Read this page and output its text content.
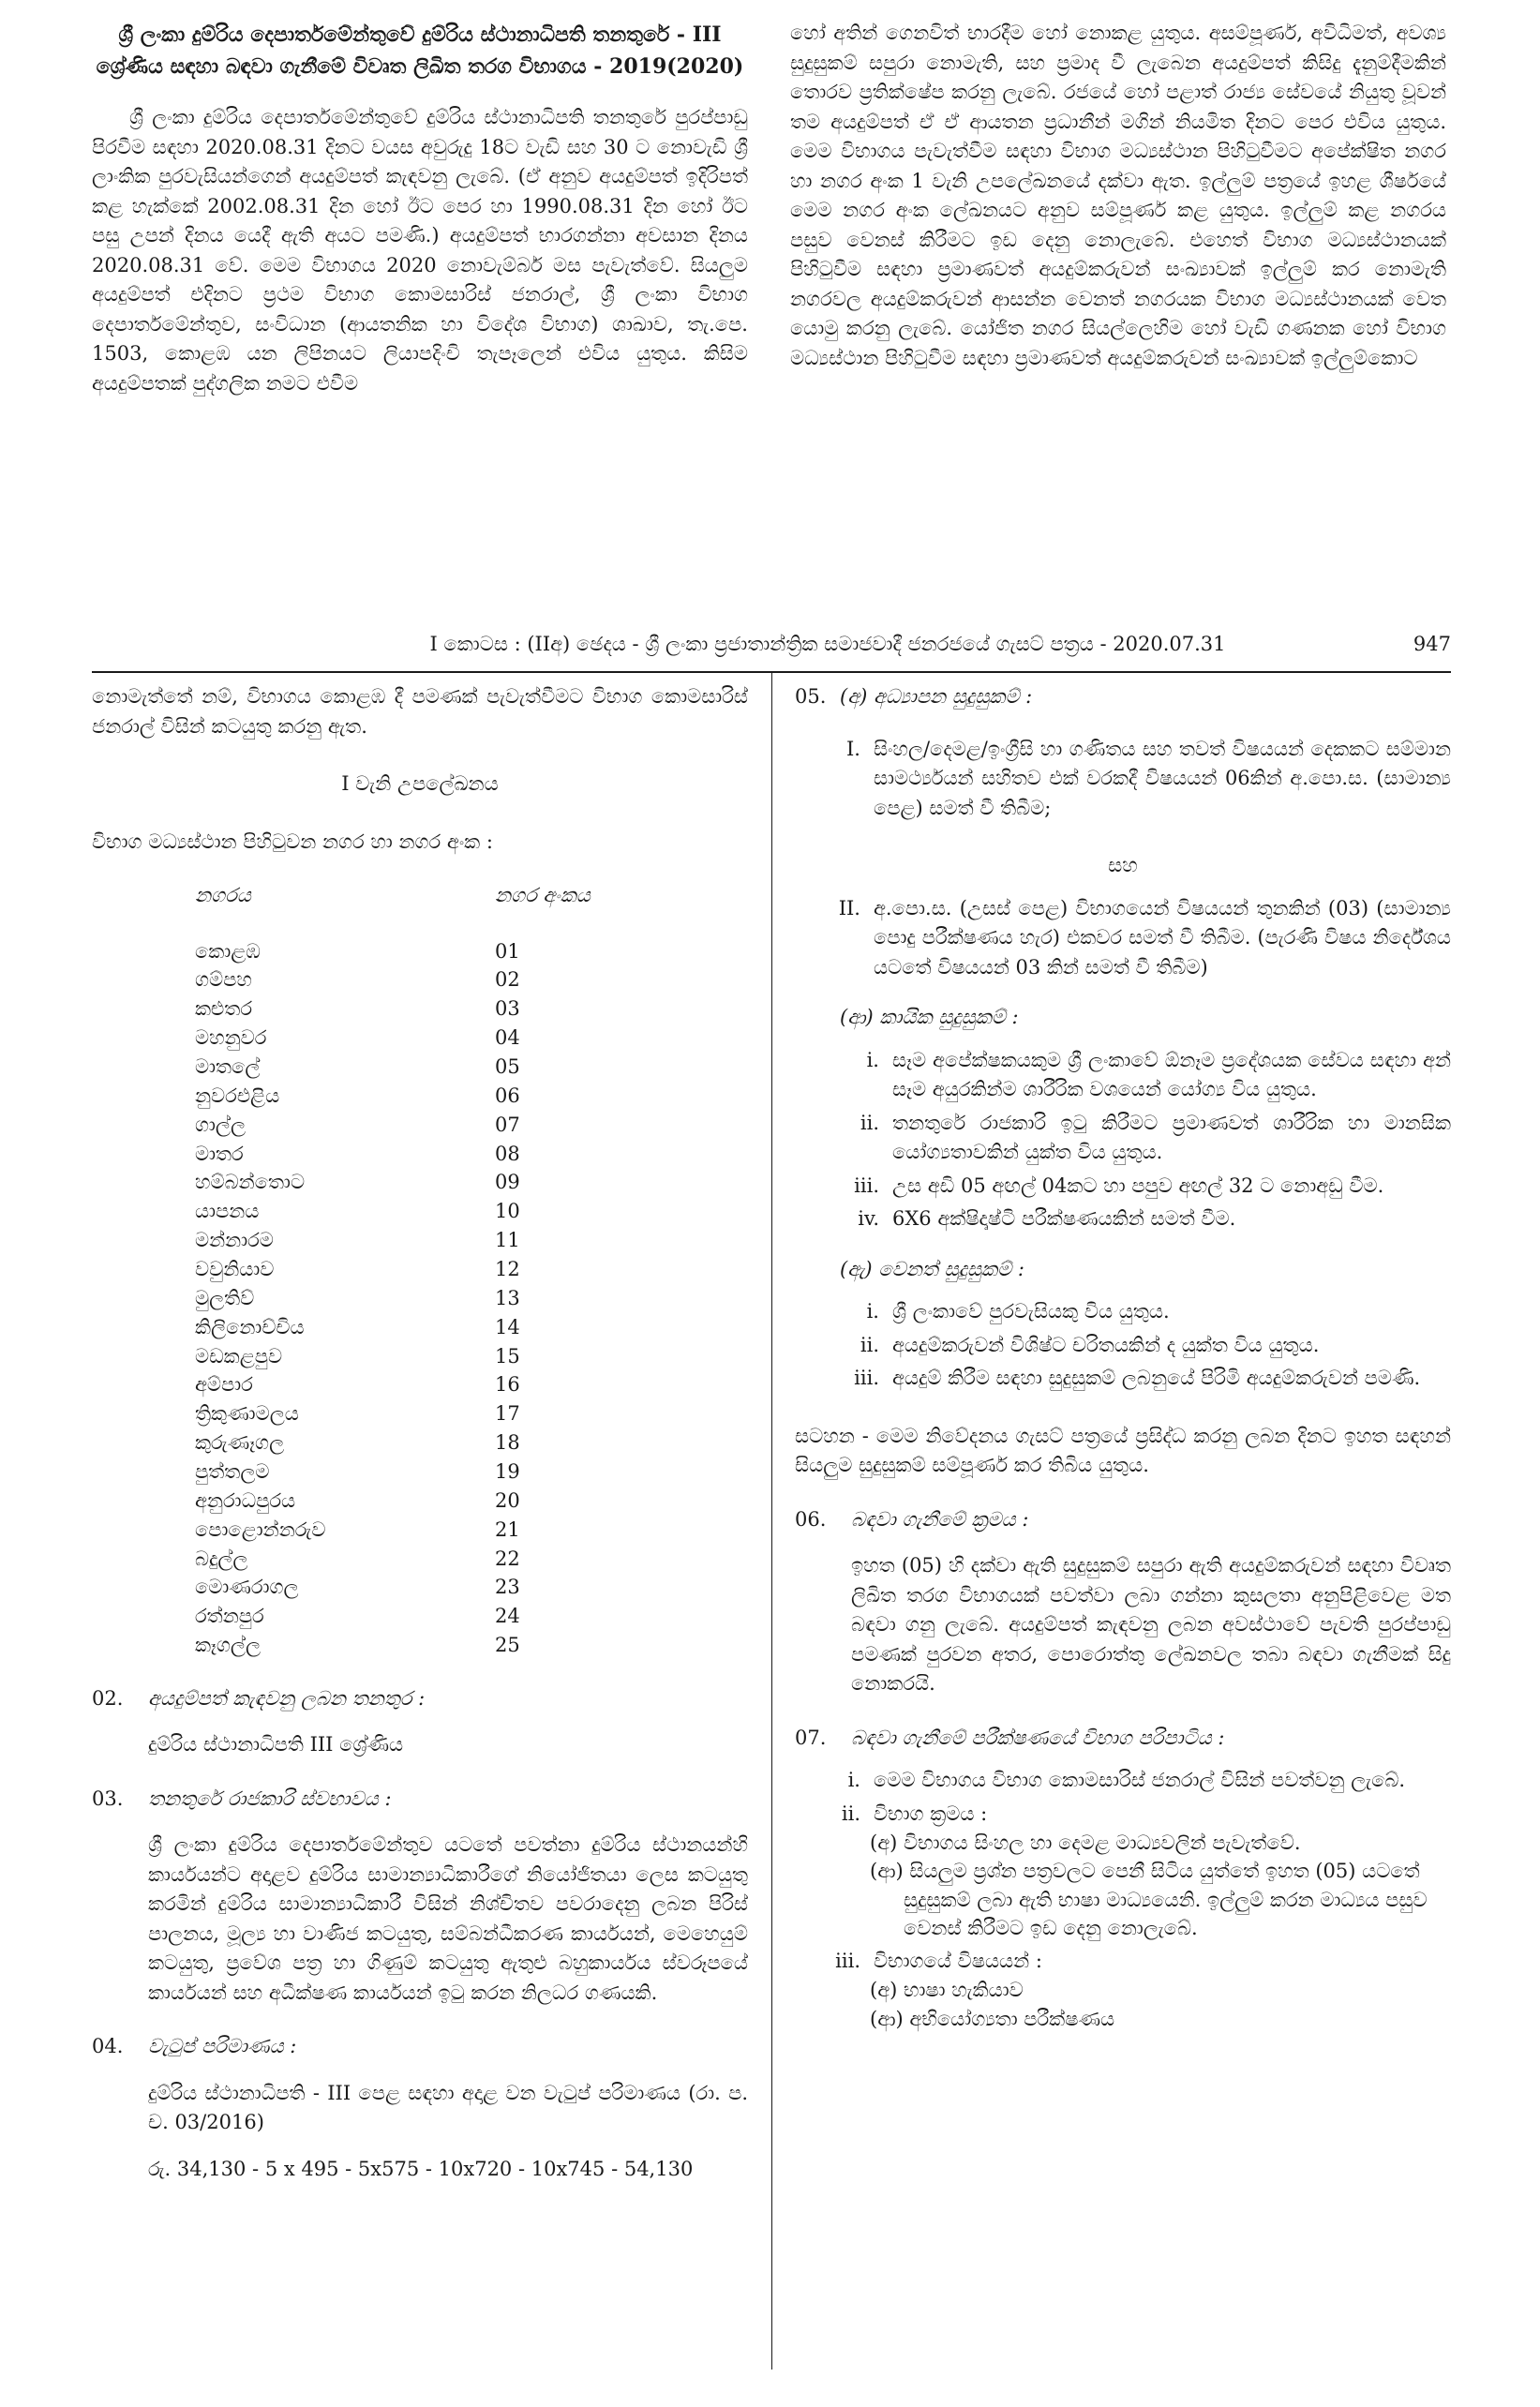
ශ්‍රී ලංකා දුම්රිය දෙපාර්තමේන්තුවේ දුම්රිය ස්ථානාධිපති තනතුරේ - III ශ්‍රේණිය සඳහා බඳවා ගැනීමේ විවෘත ලිඛිත තරග විභාගය - 2019(2020)

ශ්‍රී ලංකා දුම්රිය දෙපාර්තමේන්තුවේ දුම්රිය ස්ථානාධිපති තනතුරේ පුරප්පාඩු පිරවීම සඳහා 2020.08.31 දිනට වයස අවුරුදු 18ට වැඩි සහ 30 ට නොවැඩි ශ්‍රී ලාංකික පුරවැසියන්ගෙන් අයදුම්පත් කැඳවනු ලැබේ. (ඒ අනුව අයදුම්පත් ඉදිරිපත් කළ හැක්කේ 2002.08.31 දින හෝ ඊට පෙර හා 1990.08.31 දින හෝ ඊට පසු උපන් දිනය යෙදී ඇති අයට පමණි.) අයදුම්පත් භාරගන්නා අවසාන දිනය 2020.08.31 වේ. මෙම විභාගය 2020 නොවැම්බර් මස පැවැත්වේ. සියලුම අයදුම්පත් එදිනට ප්‍රථම විභාග කොමසාරිස් ජනරාල්, ශ්‍රී ලංකා විභාග දෙපාර්තමේන්තුව, සංවිධාන (ආයතනික හා විදේශ විභාග) ශාඛාව, තැ.පෙ. 1503, කොළඹ යන ලිපිනයට ලියාපදිංචි තැපෑලෙන් එවිය යුතුය. කිසිම අයදුම්පතක් පුද්ගලික නමට එවීම

හෝ අතින් ගෙනවිත් භාරදීම හෝ නොකළ යුතුය. අසම්පූර්ණ, අවිධිමත්, අවශ්‍ය සුදුසුකම් සපුරා නොමැති, සහ ප්‍රමාද වී ලැබෙන අයදුම්පත් කිසිදු දැනුම්දීමකින් තොරව ප්‍රතික්ෂේප කරනු ලැබේ. රජයේ හෝ පළාත් රාජ්‍ය සේවයේ නියුතු වූවන් තම අයදුම්පත් ඒ ඒ ආයතන ප්‍රධානීන් මගින් නියමිත දිනට පෙර එවිය යුතුය. මෙම විභාගය පැවැත්වීම සඳහා විභාග මධ්‍යස්ථාන පිහිටුවීමට අපේක්ෂිත නගර හා නගර අංක 1 වැනි උපලේඛනයේ දක්වා ඇත. ඉල්ලුම් පත්‍රයේ ඉහළ ශීර්ෂයේ මෙම නගර අංක ලේඛනයට අනුව සම්පූර්ණ කළ යුතුය. ඉල්ලුම් කළ නගරය පසුව වෙනස් කිරීමට ඉඩ දෙනු නොලැබේ. එහෙත් විභාග මධ්‍යස්ථානයක් පිහිටුවීම සඳහා ප්‍රමාණවත් අයදුම්කරුවන් සංඛ්‍යාවක් ඉල්ලුම් කර නොමැති නගරවල අයදුම්කරුවන් ආසන්න වෙනත් නගරයක විභාග මධ්‍යස්ථානයක් වෙත යොමු කරනු ලැබේ. යෝජිත නගර සියල්ලෙහිම හෝ වැඩි ගණනක හෝ විභාග මධ්‍යස්ථාන පිහිටුවීම සඳහා ප්‍රමාණවත් අයදුම්කරුවන් සංඛ්‍යාවක් ඉල්ලුම්කොට

I කොටස : (IIඅ) ඡෙදය - ශ්‍රී ලංකා ප්‍රජාතාන්ත්‍රික සමාජවාදී ජනරජයේ ගැසට් පත්‍රය - 2020.07.31	947

නොමැත්තේ නම්, විභාගය කොළඹ දී පමණක් පැවැත්වීමට විභාග කොමසාරිස් ජනරාල් විසින් කටයුතු කරනු ඇත.

I වැනි උපලේඛනය
විභාග මධ්‍යස්ථාන පිහිටුවන නගර හා නගර අංක :
නගරය	නගර අංකය
කොළඹ	01
ගම්පහ	02
කළුතර	03
මහනුවර	04
මාතලේ	05
නුවරඑළිය	06
ගාල්ල	07
මාතර	08
හම්බන්තොට	09
යාපනය	10
මන්නාරම	11
වවුනියාව	12
මුලතිව්	13
කිලිනොච්චිය	14
මඩකළපුව	15
අම්පාර	16
ත්‍රිකුණාමලය	17
කුරුණෑගල	18
පුත්තලම	19
අනුරාධපුරය	20
පොළොන්නරුව	21
බදුල්ල	22
මොණරාගල	23
රත්නපුර	24
කෑගල්ල	25
02.	අයදුම්පත් කැඳවනු ලබන තනතුර :
දුම්රිය ස්ථානාධිපති III ශ්‍රේණිය
03.	තනතුරේ රාජකාරි ස්වභාවය :

ශ්‍රී ලංකා දුම්රිය දෙපාර්තමේන්තුව යටතේ පවත්නා දුම්රිය ස්ථානයන්හි කාර්යයන්ට අදාළව දුම්රිය සාමාන්‍යාධිකාරීගේ නියෝජිතයා ලෙස කටයුතු කරමින් දුම්රිය සාමාන්‍යාධිකාරී විසින් නිශ්චිතව පවරාදෙනු ලබන පිරිස් පාලනය, මූල්‍ය හා වාණිජ කටයුතු, සම්බන්ධීකරණ කාර්යයන්, මෙහෙයුම් කටයුතු, ප්‍රවේශ පත්‍ර හා ගිණුම් කටයුතු ඇතුළු බහුකාර්යය ස්වරූපයේ කාර්යයන් සහ අධීක්ෂණ කාර්යයන් ඉටු කරන නිලධර ගණයකි.

04.	වැටුප් පරිමාණය :

දුම්රිය ස්ථානාධිපති - III පෙළ සඳහා අදාළ වන වැටුප් පරිමාණය (රා. ප. ච. 03/2016)

රු. 34,130 - 5 x 495 - 5x575 - 10x720 - 10x745 - 54,130
05. (අ) අධ්‍යාපන සුදුසුකම් :
I. සිංහල/දෙමළ/ඉංග්‍රීසි හා ගණිතය සහ තවත් විෂයයන් දෙකකට සම්මාන සාමර්ථ්‍යයන් සහිතව එක් වරකදී විෂයයන් 06කින් අ.පො.ස. (සාමාන්‍ය පෙළ) සමත් වී තිබීම;
සහ
II. අ.පො.ස. (උසස් පෙළ) විභාගයෙන් විෂයයන් තුනකින් (03) (සාමාන්‍ය පොදු පරීක්ෂණය හැර) එකවර සමත් වී තිබීම. (පැරණි විෂය නිර්දේශය යටතේ විෂයයන් 03 කින් සමත් වී තිබීම)
(ආ) කායික සුදුසුකම් :
i. සෑම අපේක්ෂකයකුම ශ්‍රී ලංකාවේ ඕනෑම ප්‍රදේශයක සේවය සඳහා අන් සෑම අයුරකින්ම ශාරීරික වශයෙන් යෝග්‍ය විය යුතුය.
ii. තනතුරේ රාජකාරි ඉටු කිරීමට ප්‍රමාණවත් ශාරීරික හා මානසික යෝග්‍යතාවකින් යුක්ත විය යුතුය.
iii. උස අඩි 05 අඟල් 04කට හා පපුව අඟල් 32 ට නොඅඩු වීම.
iv. 6X6 අක්ෂිදෘෂ්ටි පරීක්ෂණයකින් සමත් වීම.
(ඇ) වෙනත් සුදුසුකම් :
i. ශ්‍රී ලංකාවේ පුරවැසියකු විය යුතුය.
ii. අයදුම්කරුවන් විශිෂ්ට චරිතයකින් ද යුක්ත විය යුතුය.
iii. අයදුම් කිරීම සඳහා සුදුසුකම් ලබනුයේ පිරිමි අයදුම්කරුවන් පමණි.

සටහන - මෙම නිවේදනය ගැසට් පත්‍රයේ ප්‍රසිද්ධ කරනු ලබන දිනට ඉහත සඳහන් සියලුම සුදුසුකම් සම්පූර්ණ කර තිබිය යුතුය.

06.	බඳවා ගැනීමේ ක්‍රමය :

ඉහත (05) හි දක්වා ඇති සුදුසුකම් සපුරා ඇති අයදුම්කරුවන් සඳහා විවෘත ලිඛිත තරග විභාගයක් පවත්වා ලබා ගන්නා කුසලතා අනුපිළිවෙළ මත බඳවා ගනු ලැබේ. අයදුම්පත් කැඳවනු ලබන අවස්ථාවේ පැවති පුරප්පාඩු පමණක් පුරවන අතර, පොරොත්තු ලේඛනවල තබා බඳවා ගැනීමක් සිදු නොකරයි.

07.	බඳවා ගැනීමේ පරීක්ෂණයේ විභාග පරිපාටිය :
i. මෙම විභාගය විභාග කොමසාරිස් ජනරාල් විසින් පවත්වනු ලැබේ.
ii. විභාග ක්‍රමය :
(අ) විභාගය සිංහල හා දෙමළ මාධ්‍යවලින් පැවැත්වේ.
(ආ) සියලුම ප්‍රශ්න පත්‍රවලට පෙනී සිටිය යුත්තේ ඉහත (05) යටතේ සුදුසුකම් ලබා ඇති භාෂා මාධ්‍යයෙනි. ඉල්ලුම් කරන මාධ්‍යය පසුව වෙනස් කිරීමට ඉඩ දෙනු නොලැබේ.
iii. විභාගයේ විෂයයන් :
(අ) භාෂා හැකියාව
(ආ) අභියෝග්‍යතා පරීක්ෂණය
